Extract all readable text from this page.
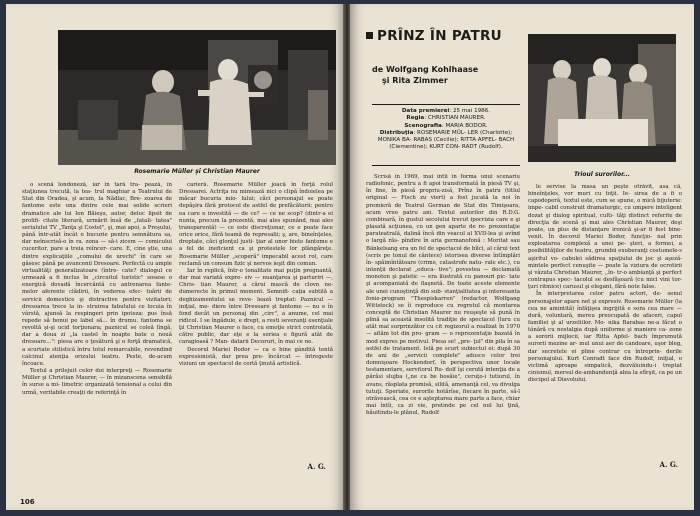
Rosemarie Müller şi Christian Maurer

o scenă londoneză, iar în tară tra- pează, în staţiunea trecută, la tea- trul maghiar a Teatrului de Stat din Oradea, şi acum, la Nădlac, Bre- zoarea de fantome este una dintre cele mai solide scrieri dramatice ale lui Ion Băieşu, autor, deloc lipsit de prolifi- citate literară, urmărit însă de „fatali- tatea" serialului TV „Tanţa şi Costel", şi, mai apoi, a Preşului, până într-atât încât o bucurie pentru semnătura sa, dar neînscrisă-o în ra. zona — să-i zicem — comicului cuceritor, pare a treia reîncer- care. E, cine ştie, una dintre explicaţiile „comului de urechi" în care se găsesc până pe avancenii Dresoare. Perfectă cu ample virtualităţi generalizatoare (între- cate? dialogul ce urmează a fi inclus în „circuitul turistic" sosese o energică dovadă încercântă cu antrenarea fante- melor aferente clădirii, în vederea efec- tuării de servicii domestice şi distractive pentru vizitatori; dresoarea trece la in- struirea fabulului ce locuia în vârstă, ajunsă la respingeri prin ipoteza: pus însă repede să bonui pe label să... în drumu. fantoma se revoltă şi-şi ucid torţionara; paznicul se coleă lîngă, dar a doua zi „la castel în noapte bate o nouă dresoare...": piesa are o ţesătură şi o forţă dramatică, a scurtate stilistică întru totul remarcabile, revendind calcinul atenţia orizului teatru. Peste, de-acum încoace.

Textul a prilejuit celor doi interpreţi — Rosemarie Müller şi Christian Maurer, — în mizanscena sensibilă în surse a mi- limetric organizată tensional a celui din urmă, veritabile creaţii de referinţă în

carieră. Rosemarie Müller joacă în forţă rolul Dresoarei. Actriţa nu mimează nici o clipă îndoielea pe măcar bucuria mio- lului; căci personajul se poate depăşira fără protocol de astfel de prefăcătorii: pentru ea care e investită — de ce? — ce ne scop? (dintr-a ei nunta, precum la prezentă, mai ales spunând, mai ales transparentă) — ce este discreţionar, ce e poate face orice orice, fără teamă de represalii; ş, are, bineînţeles, dreptate, căci glonţul justi- ţiar al unor biete fantome e a fel de ineficient ca şi protestele lor plângăreţe. Rosemarie Müller „scoperă" impecabil acest rol, care reclamă un consum fizic şi nervos ieşit din comun.

Iar în replică, într-o tonalitate mai puţin pregnantă, dar mai variată expre- siv — nuanţarea şi parturiri —, Chris- tian Maurer, a cărui mască de clovn ne- dumerecte în primul moment. Semnifi- caţia subtilă a deghizamentului se reve- lează treptat: Paznicul — iniţial, me- diere între Dresoare şi fantome — nu e în fond decât un personaj din „circ", a anume, cel mai ridicol. I se îngăduie, e drept, a resti severanţi esenţiale ţii Christian Maurer o face, cu emoţie strict controlată, către public, dar eţe e la seriea o figură atât de caragioasă ? Man- datarii Decoruri, în mai ce ne.

Decorul Mariei Bodor — ca o bine gândită tentă expresionistă, dar prea pre- încărcat — întregeste viziuni un spectacol de certă ţinută artistică.

A. G.
106
PRÎNZ ÎN PATRU
de Wolfgang Kohlhaase
şi Rita Zimmer
Data premierei: 25 mai 1986.
Regia: CHRISTIAN MAURER.
Scenografia: MARIA BODOR.
Distribuţia: ROSEMARIE MÜL- LER (Charlotte); MONIKA BA- RABAS (Cecilie); RITTA APFEL- BACH (Clementine); KURT CON- RADT (Rudolf).
Trioul surorilor...

Scrisă în 1969, mai întîi în forma unui scenariu radiofonic, pentru a fi apoi transformată în piesă TV şi, în fine, în piesă propriu-zisă, Prînz în patru (titlul original — Fisch zu viert) a fost jucată la noi în premieră de Teatrul German de Stat din Timişoara, acum vreo patru ani. Textul autorilor din R.D.G. combinară, în gustul secolului trecut ipocrizia care e şi plasată acţiunea, cu un gen aparte de re- prezentaţie parateatrală, dalină încă din veacul al XVII-lea şi avînd o largă răs- pîndire în aria germanofonă : Moritat sau Bänkelsang era un fel de spectacol de bîlci, al cărui text (scris pe tonul de cântece) istorisea diverse întîmplări în- spăimîntătoare (crime, catastrofe natu- rale etc.), cu intenţii declarat „educa- tive"; povestea — declamată monoton şi patetic — era ilustrată cu panouri pic- tate şi acompaniată de flaşnetă. De toate aceste elemente ale unei cunoştinţă din sub- stanţialitatea şi interesanta fonie-program "Thespiskarren" (redactor, Wolfgang Wittstock) se îi reproduce cu regretul că montarea conceptă de Christian Maurer nu reuşeşte să pună în plină sa această insolită tradiţie de spectacol (luru cu atât mai surprinzător cu cit regizorul a realizat în 1970 — aflăm tot din pro- gram — o reprezentaţie bazată în mod expres pe motivul. Piesa se! „pre- ţul" din pila în sa astfel de tratament. Istă pe scurt subiectul ei: după 30 de ani de „servicii complete" adusce celor trei domnişoare Heckendorf, în perspectiva unor locale testamentare, servitorul Ru- dolf îşi cerută intenţia de a părăsi slujba („ne cu be bosăie", ceruţo-i tutiorul, în avans, răsplata promisă, silită, amenanţă cel, va divulga tutuţi. Speriate, surorile hotărîse, fiecare în parte, să-l otrăvească, cea ce e aşteptarea mare parte a face, chiar mai întîi, ca zi vie, pretinde pe cel nul lui ţină, băuitindu-le plănul, Rudolf

le servise la masa un peşte otrăvit, asa că, bineînţeles, vor muri cu toţii. Ie- sirea de a fi o capodoperă, textul este, cum se spune, o mică bijuterie: impe- cabil construit dramaturgic, cu umpere inteligent dozat şi dialog spiritual, culti- tăţi distinct referite de direcţia de scenă şi mai ales Christian Maurer, deşi poate, un plus de distanţare ironică şi-ar fi fost bine- venit. În decorul Mariei Bodor, funcţio- nal prin exploatarea complexă a unei pe- şteri, a formei, a posibilităţilor de teatru, grumbii exuberanţi costumele-s aşiritul vo- cabulei sădirea spaţiului de joc şi aşeză- mintele perfect cenuşite — poate la viziura de ocrotirii şi vâzuta Christian Maurer, ,,în- tr-o ambianţă şi perfect contrapus spec- tacolul se desfăşoară (cu mici vini tor- ţuri ritmice) carusul şi elegant, fără note false.

În interpretarea celor patru actori, de- senul personajelor apare net şi expresiv. Rosemarie Müller (la cea ne amintită) înfăţişea ingrijită e sora cea mare — dură, voluntară, mereu preocupată de afaceri, capul familiei şi al urzeliilor. Mo- nika Barabas ne-a făcut o tânără cu nostalgia după uniforme şi maniere ca- zone a sororii mijlocii, iar Ritta Apfel- bach împrumută surorii mezine ar- mul unui aer de candoare, uşor bleg, dar secretele ei pline contrar cu întreprin- derile personajului. Kurt Conradt face din Rudolf, iniţial, o victimă aproape simpatică, dezvăluindu-i treptat cinismul, mersul de-ambandunţă abia la sfîrşit, ca pe un discipol al Diavolului.

A. G.
